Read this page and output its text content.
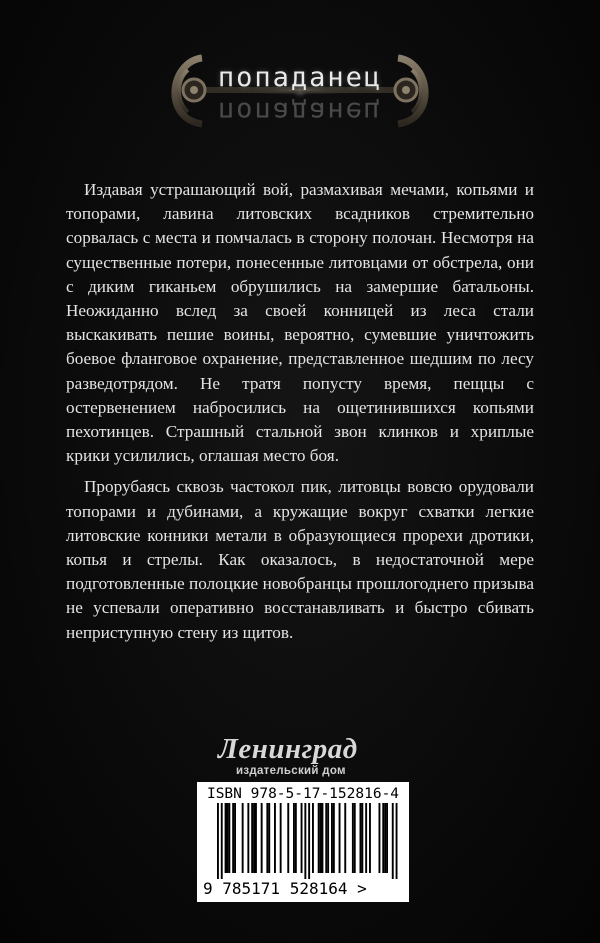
попаданец
попаданец

Издавая устрашающий вой, размахивая мечами, копьями и топорами, лавина литовских всадников стремительно сорвалась с места и помчалась в сторону полочан. Несмотря на существенные потери, понесенные литовцами от обстрела, они с диким гиканьем обрушились на замершие батальоны. Неожиданно вслед за своей конницей из леса стали выскакивать пешие воины, вероятно, сумевшие уничтожить боевое фланговое охранение, представленное шедшим по лесу разведотрядом. Не тратя попусту время, пещцы с остервенением набросились на ощетинившихся копьями пехотинцев. Страшный стальной звон клинков и хриплые крики усилились, оглашая место боя.

Прорубаясь сквозь частокол пик, литовцы вовсю орудовали топорами и дубинами, а кружащие вокруг схватки легкие литовские конники метали в образующиеся прорехи дротики, копья и стрелы. Как оказалось, в недостаточной мере подготовленные полоцкие новобранцы прошлогоднего призыва не успевали оперативно восстанавливать и быстро сбивать неприступную стену из щитов.

Ленинград
издательский дом
ISBN 978-5-17-152816-4
9 785171 528164 >
